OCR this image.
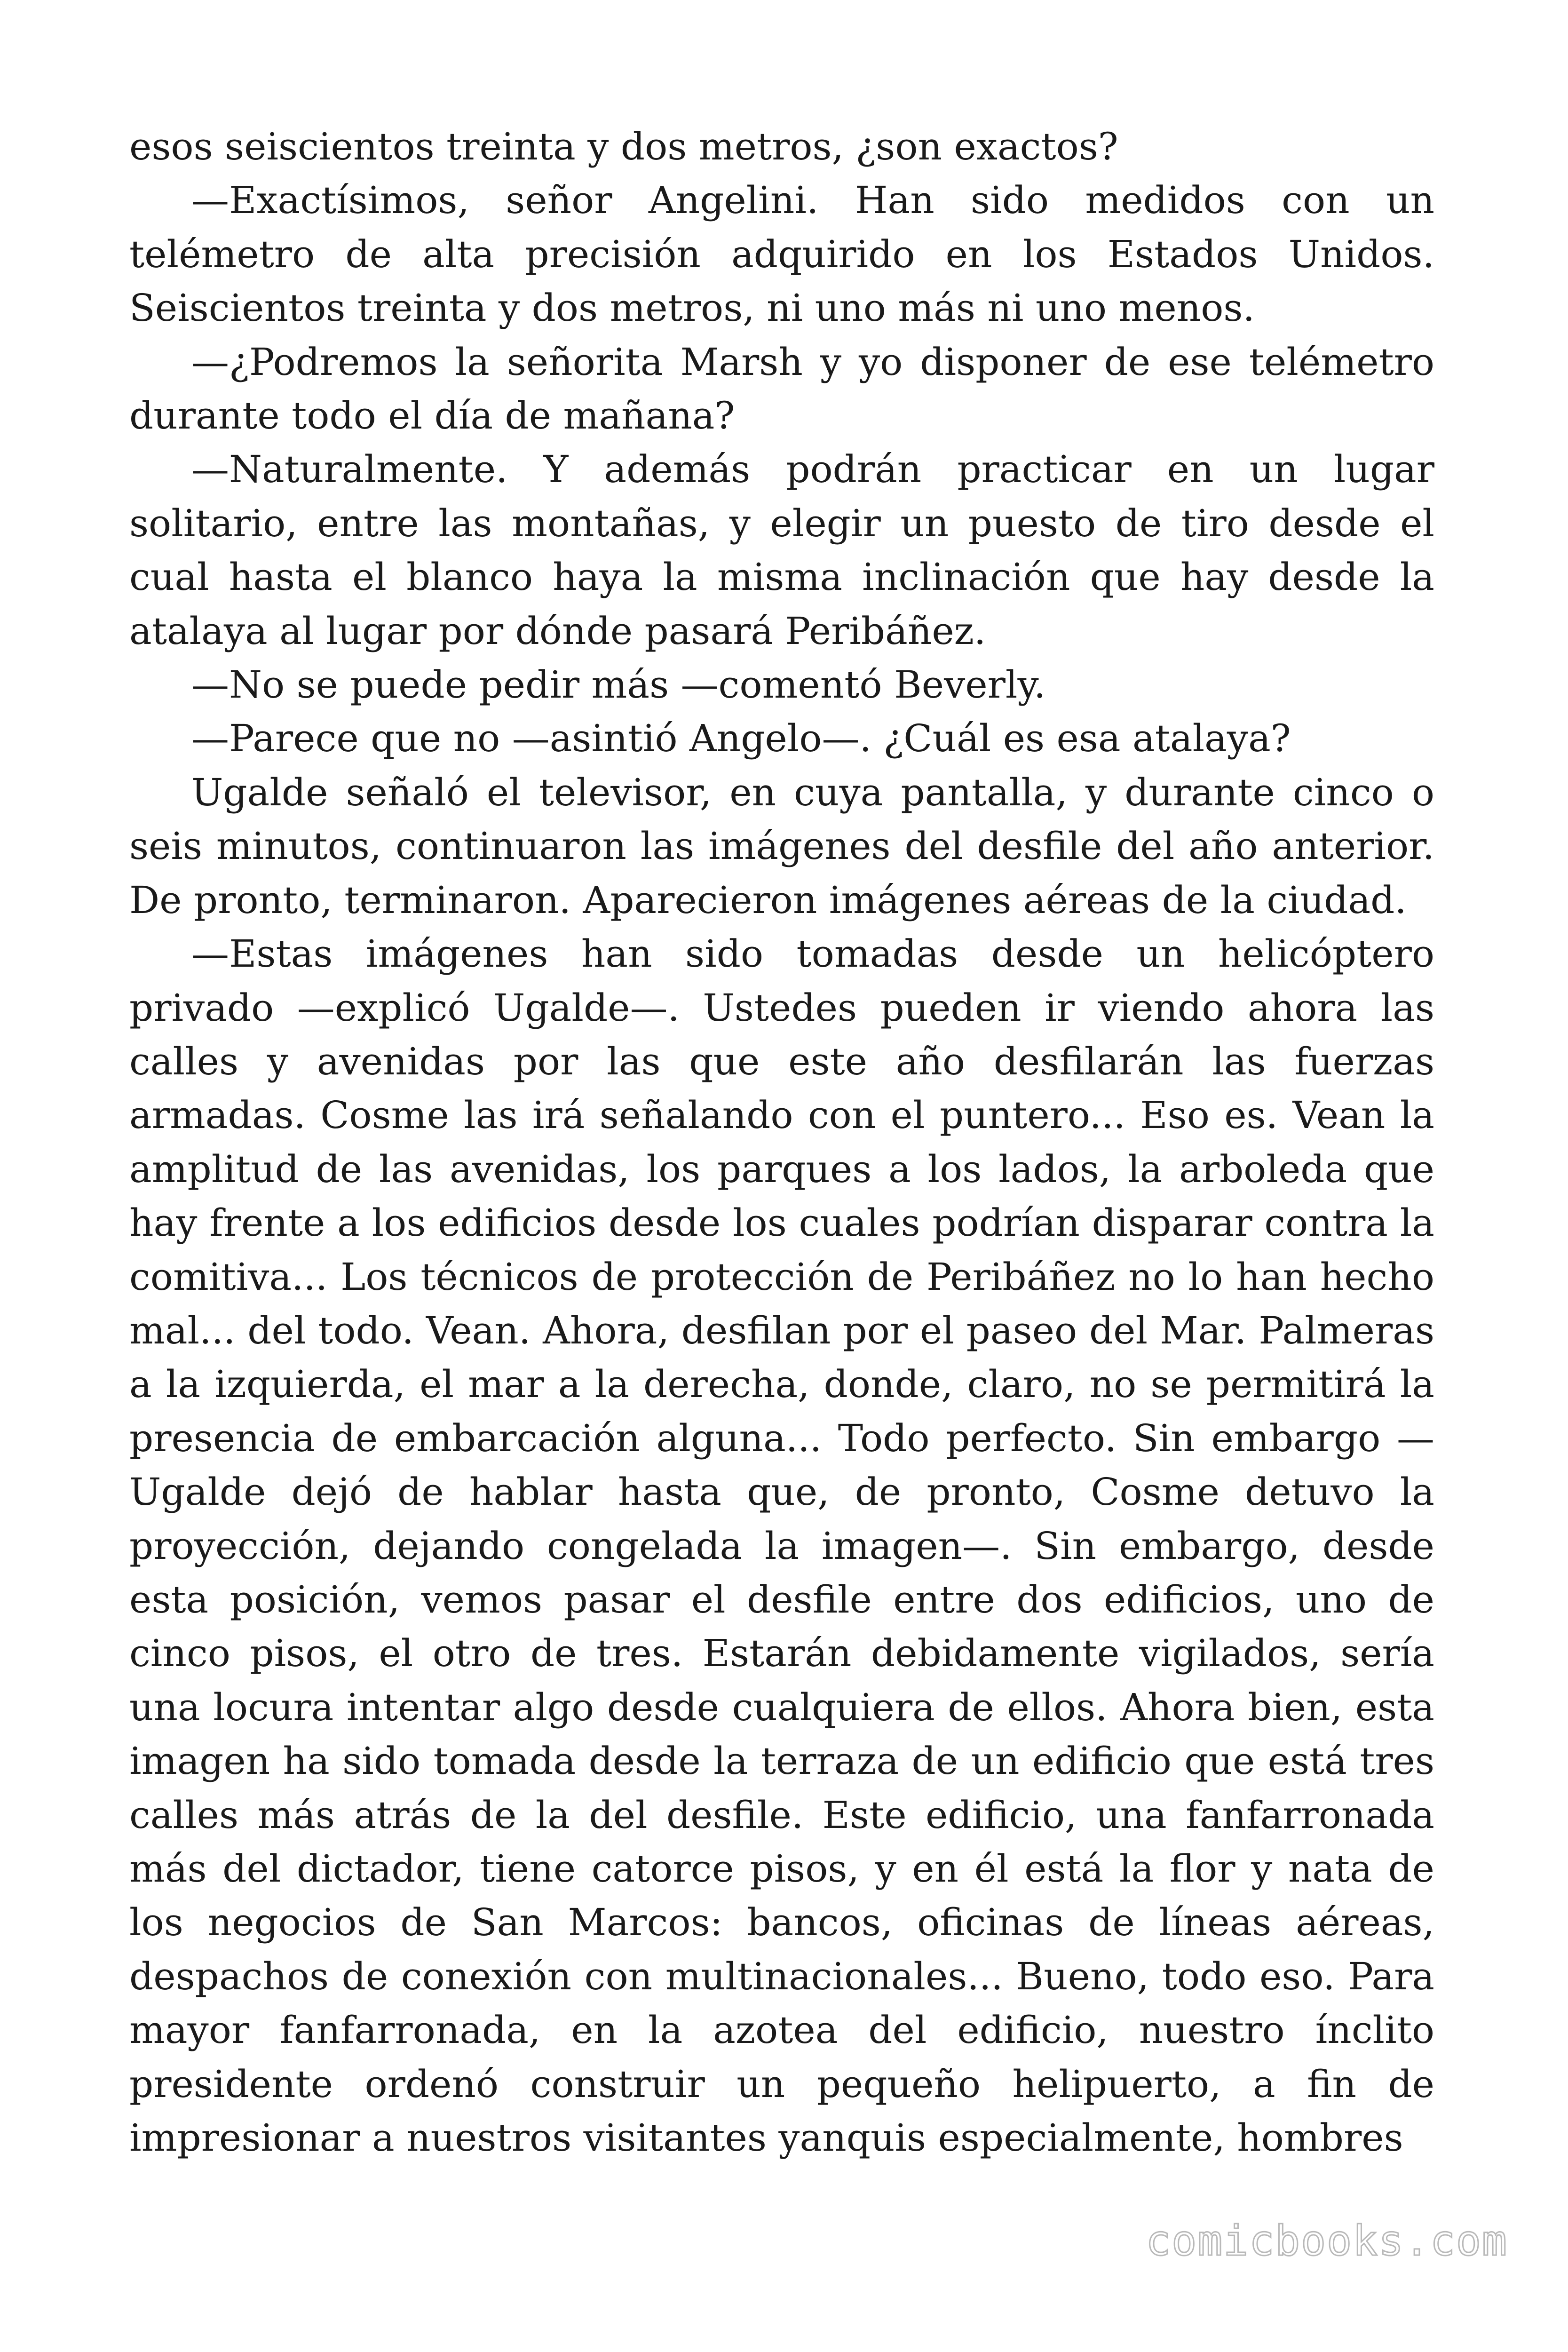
esos seiscientos treinta y dos metros, ¿son exactos?

—Exactísimos, señor Angelini. Han sido medidos con un telémetro de alta precisión adquirido en los Estados Unidos. Seiscientos treinta y dos metros, ni uno más ni uno menos.

—¿Podremos la señorita Marsh y yo disponer de ese telémetro durante todo el día de mañana?

—Naturalmente. Y además podrán practicar en un lugar solitario, entre las montañas, y elegir un puesto de tiro desde el cual hasta el blanco haya la misma inclinación que hay desde la atalaya al lugar por dónde pasará Peribáñez.

—No se puede pedir más —comentó Beverly.

—Parece que no —asintió Angelo—. ¿Cuál es esa atalaya?

Ugalde señaló el televisor, en cuya pantalla, y durante cinco o seis minutos, continuaron las imágenes del desfile del año anterior. De pronto, terminaron. Aparecieron imágenes aéreas de la ciudad.

—Estas imágenes han sido tomadas desde un helicóptero privado —explicó Ugalde—. Ustedes pueden ir viendo ahora las calles y avenidas por las que este año desfilarán las fuerzas armadas. Cosme las irá señalando con el puntero... Eso es. Vean la amplitud de las avenidas, los parques a los lados, la arboleda que hay frente a los edificios desde los cuales podrían disparar contra la comitiva... Los técnicos de protección de Peribáñez no lo han hecho mal... del todo. Vean. Ahora, desfilan por el paseo del Mar. Palmeras a la izquierda, el mar a la derecha, donde, claro, no se permitirá la presencia de embarcación alguna... Todo perfecto. Sin embargo —Ugalde dejó de hablar hasta que, de pronto, Cosme detuvo la proyección, dejando congelada la imagen—. Sin embargo, desde esta posición, vemos pasar el desfile entre dos edificios, uno de cinco pisos, el otro de tres. Estarán debidamente vigilados, sería una locura intentar algo desde cualquiera de ellos. Ahora bien, esta imagen ha sido tomada desde la terraza de un edificio que está tres calles más atrás de la del desfile. Este edificio, una fanfarronada más del dictador, tiene catorce pisos, y en él está la flor y nata de los negocios de San Marcos: bancos, oficinas de líneas aéreas, despachos de conexión con multinacionales... Bueno, todo eso. Para mayor fanfarronada, en la azotea del edificio, nuestro ínclito presidente ordenó construir un pequeño helipuerto, a fin de impresionar a nuestros visitantes yanquis especialmente, hombres

comicbooks.com
